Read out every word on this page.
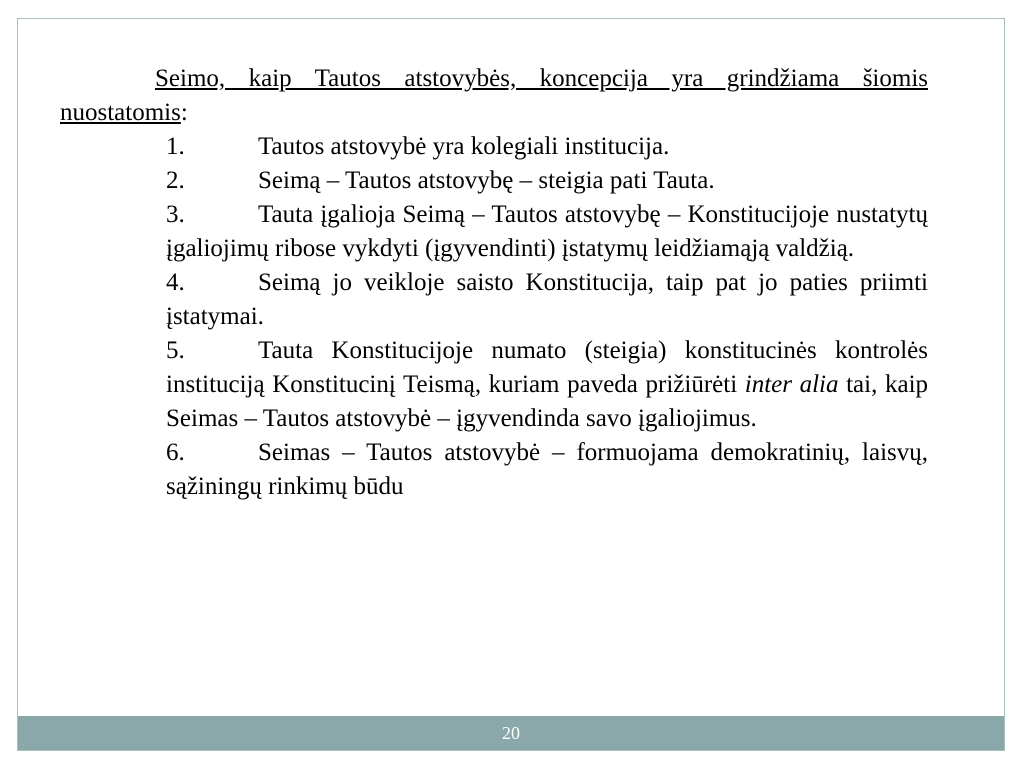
Seimo, kaip Tautos atstovybės, koncepcija yra grindžiama šiomis nuostatomis:

1.	Tautos atstovybė yra kolegiali institucija.

2.	Seimą – Tautos atstovybę – steigia pati Tauta.

3.	Tauta įgalioja Seimą – Tautos atstovybę – Konstitucijoje nustatytų įgaliojimų ribose vykdyti (įgyvendinti) įstatymų leidžiamąją valdžią.

4.	Seimą jo veikloje saisto Konstitucija, taip pat jo paties priimti įstatymai.

5.	Tauta Konstitucijoje numato (steigia) konstitucinės kontrolės instituciją Konstitucinį Teismą, kuriam paveda prižiūrėti inter alia tai, kaip Seimas – Tautos atstovybė – įgyvendinda savo įgaliojimus.

6.	Seimas – Tautos atstovybė – formuojama demokratinių, laisvų, sąžiningų rinkimų būdu

20
